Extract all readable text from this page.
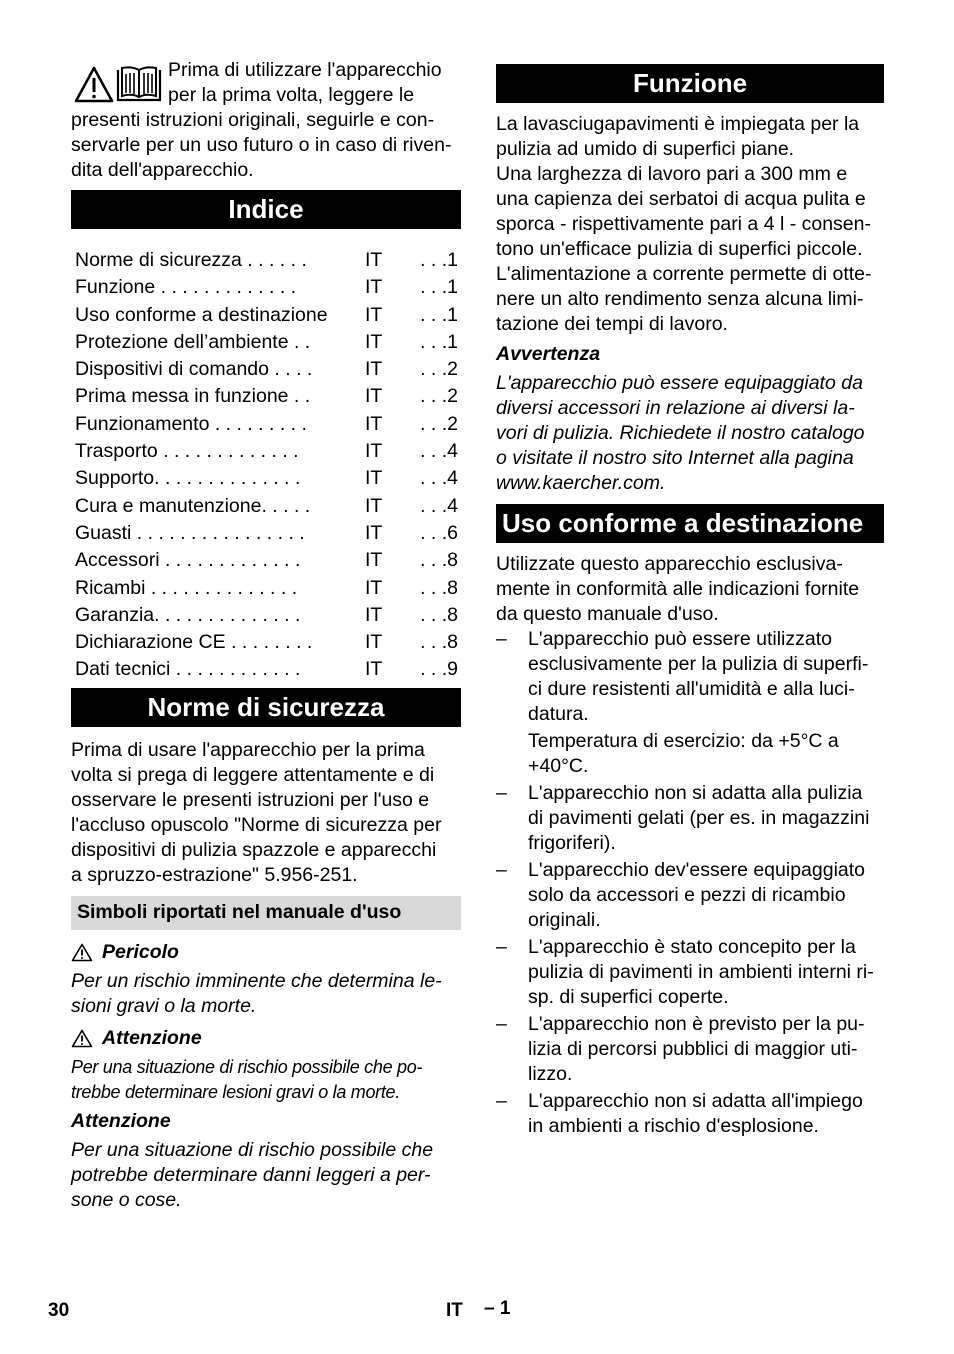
Prima di utilizzare l'apparecchio
per la prima volta, leggere le
presenti istruzioni originali, seguirle e con-
servarle per un uso futuro o in caso di riven-
dita dell'apparecchio.
Indice
Norme di sicurezza . . . . . .	IT	. . .1
Funzione . . . . . . . . . . . . .	IT	. . .1
Uso conforme a destinazione	IT	. . .1
Protezione dell’ambiente . .	IT	. . .1
Dispositivi di comando . . . .	IT	. . .2
Prima messa in funzione . .	IT	. . .2
Funzionamento . . . . . . . . .	IT	. . .2
Trasporto . . . . . . . . . . . . .	IT	. . .4
Supporto. . . . . . . . . . . . . .	IT	. . .4
Cura e manutenzione. . . . .	IT	. . .4
Guasti . . . . . . . . . . . . . . . .	IT	. . .6
Accessori . . . . . . . . . . . . .	IT	. . .8
Ricambi . . . . . . . . . . . . . .	IT	. . .8
Garanzia. . . . . . . . . . . . . .	IT	. . .8
Dichiarazione CE . . . . . . . .	IT	. . .8
Dati tecnici . . . . . . . . . . . .	IT	. . .9
Norme di sicurezza
Prima di usare l'apparecchio per la prima
volta si prega di leggere attentamente e di
osservare le presenti istruzioni per l'uso e
l'accluso opuscolo "Norme di sicurezza per
dispositivi di pulizia spazzole e apparecchi
a spruzzo-estrazione" 5.956-251.
Simboli riportati nel manuale d'uso
Pericolo
Per un rischio imminente che determina le-
sioni gravi o la morte.
Attenzione
Per una situazione di rischio possibile che po-
trebbe determinare lesioni gravi o la morte.
Attenzione
Per una situazione di rischio possibile che
potrebbe determinare danni leggeri a per-
sone o cose.
Funzione
La lavasciugapavimenti è impiegata per la
pulizia ad umido di superfici piane.
Una larghezza di lavoro pari a 300 mm e
una capienza dei serbatoi di acqua pulita e
sporca - rispettivamente pari a 4 l - consen-
tono un'efficace pulizia di superfici piccole.
L'alimentazione a corrente permette di otte-
nere un alto rendimento senza alcuna limi-
tazione dei tempi di lavoro.
Avvertenza
L'apparecchio può essere equipaggiato da
diversi accessori in relazione ai diversi la-
vori di pulizia. Richiedete il nostro catalogo
o visitate il nostro sito Internet alla pagina
www.kaercher.com.
Uso conforme a destinazione
Utilizzate questo apparecchio esclusiva-
mente in conformità alle indicazioni fornite
da questo manuale d'uso.
– L'apparecchio può essere utilizzato
esclusivamente per la pulizia di superfi-
ci dure resistenti all'umidità e alla luci-
datura.
Temperatura di esercizio: da +5°C a
+40°C.
– L'apparecchio non si adatta alla pulizia
di pavimenti gelati (per es. in magazzini
frigoriferi).
– L'apparecchio dev'essere equipaggiato
solo da accessori e pezzi di ricambio
originali.
– L'apparecchio è stato concepito per la
pulizia di pavimenti in ambienti interni ri-
sp. di superfici coperte.
– L'apparecchio non è previsto per la pu-
lizia di percorsi pubblici di maggior uti-
lizzo.
– L'apparecchio non si adatta all'impiego
in ambienti a rischio d'esplosione.
30	IT – 1
